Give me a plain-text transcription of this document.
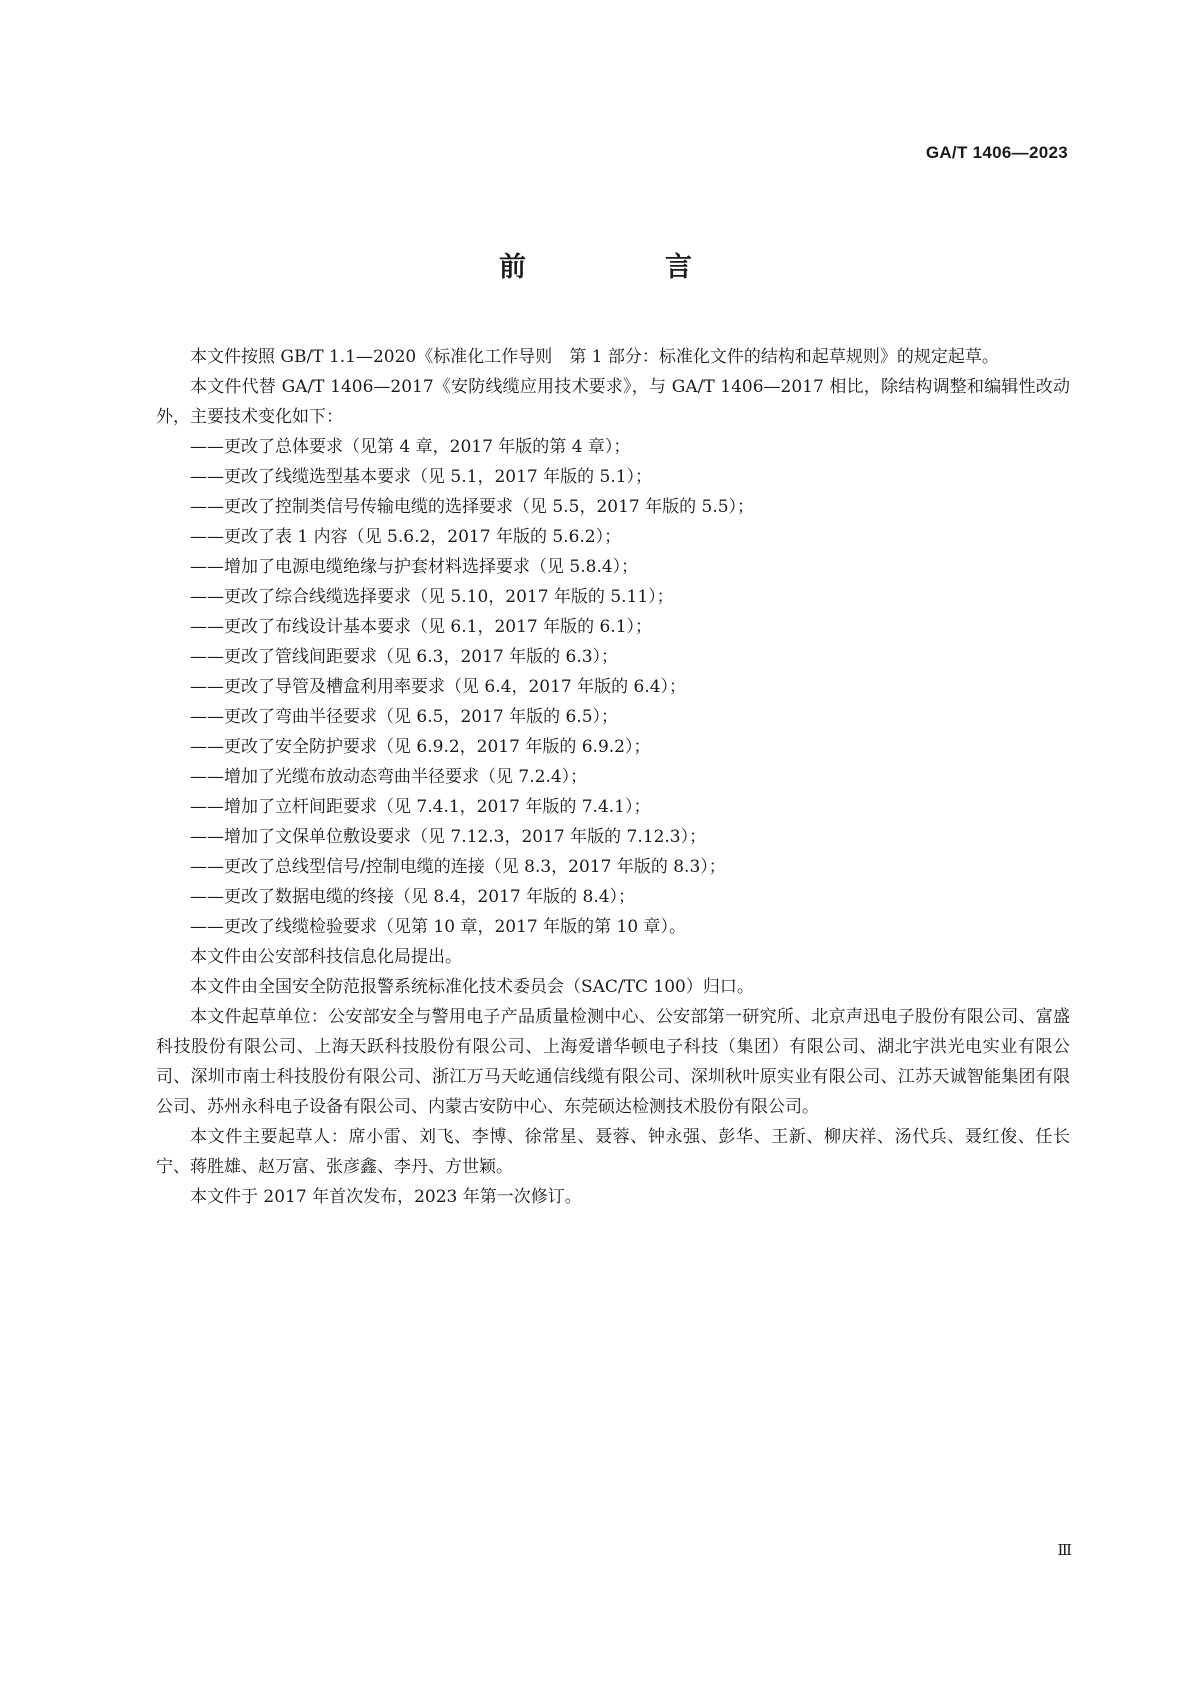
GA/T 1406—2023
前　言

本文件按照 GB/T 1.1—2020《标准化工作导则　第 1 部分：标准化文件的结构和起草规则》的规定起草。

本文件代替 GA/T 1406—2017《安防线缆应用技术要求》，与 GA/T 1406—2017 相比，除结构调整和编辑性改动外，主要技术变化如下：

——更改了总体要求（见第 4 章，2017 年版的第 4 章）；
——更改了线缆选型基本要求（见 5.1，2017 年版的 5.1）；
——更改了控制类信号传输电缆的选择要求（见 5.5，2017 年版的 5.5）；
——更改了表 1 内容（见 5.6.2，2017 年版的 5.6.2）；
——增加了电源电缆绝缘与护套材料选择要求（见 5.8.4）；
——更改了综合线缆选择要求（见 5.10，2017 年版的 5.11）；
——更改了布线设计基本要求（见 6.1，2017 年版的 6.1）；
——更改了管线间距要求（见 6.3，2017 年版的 6.3）；
——更改了导管及槽盒利用率要求（见 6.4，2017 年版的 6.4）；
——更改了弯曲半径要求（见 6.5，2017 年版的 6.5）；
——更改了安全防护要求（见 6.9.2，2017 年版的 6.9.2）；
——增加了光缆布放动态弯曲半径要求（见 7.2.4）；
——增加了立杆间距要求（见 7.4.1，2017 年版的 7.4.1）；
——增加了文保单位敷设要求（见 7.12.3，2017 年版的 7.12.3）；
——更改了总线型信号/控制电缆的连接（见 8.3，2017 年版的 8.3）；
——更改了数据电缆的终接（见 8.4，2017 年版的 8.4）；
——更改了线缆检验要求（见第 10 章，2017 年版的第 10 章）。

本文件由公安部科技信息化局提出。

本文件由全国安全防范报警系统标准化技术委员会（SAC/TC 100）归口。

本文件起草单位：公安部安全与警用电子产品质量检测中心、公安部第一研究所、北京声迅电子股份有限公司、富盛科技股份有限公司、上海天跃科技股份有限公司、上海爱谱华顿电子科技（集团）有限公司、湖北宇洪光电实业有限公司、深圳市南士科技股份有限公司、浙江万马天屹通信线缆有限公司、深圳秋叶原实业有限公司、江苏天诚智能集团有限公司、苏州永科电子设备有限公司、内蒙古安防中心、东莞硕达检测技术股份有限公司。

本文件主要起草人：席小雷、刘飞、李博、徐常星、聂蓉、钟永强、彭华、王新、柳庆祥、汤代兵、聂红俊、任长宁、蒋胜雄、赵万富、张彦鑫、李丹、方世颖。

本文件于 2017 年首次发布，2023 年第一次修订。

Ⅲ
